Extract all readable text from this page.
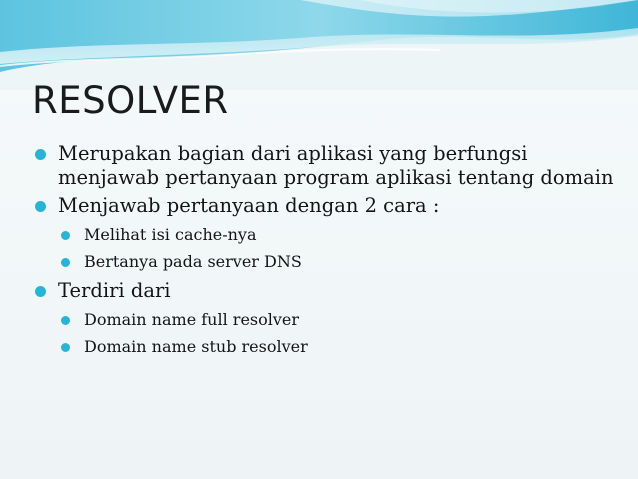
RESOLVER
Merupakan bagian dari aplikasi yang berfungsi menjawab pertanyaan program aplikasi tentang domain
Menjawab pertanyaan dengan 2 cara :
Melihat isi cache-nya
Bertanya pada server DNS
Terdiri dari
Domain name full resolver
Domain name stub resolver
